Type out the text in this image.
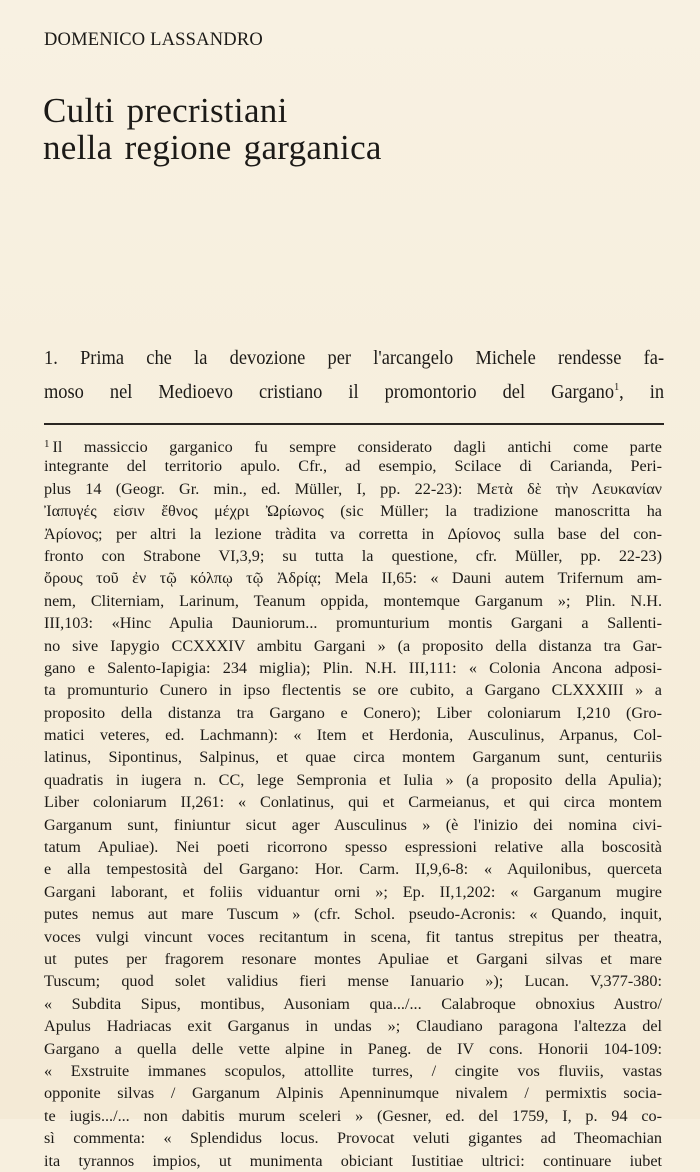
DOMENICO LASSANDRO
Culti precristiani
nella regione garganica
1. Prima che la devozione per l'arcangelo Michele rendesse fa-
moso nel Medioevo cristiano il promontorio del Gargano$^1$, in
$^1$ Il massiccio garganico fu sempre considerato dagli antichi come parte
integrante del territorio apulo. Cfr., ad esempio, Scilace di Carianda, Peri-
plus 14 (Geogr. Gr. min., ed. Müller, I, pp. 22-23): Μετὰ δὲ τὴν Λευκανίαν
Ἰαπυγές εἰσιν ἔθνος μέχρι Ὠρίωνος (sic Müller; la tradizione manoscritta ha
Ἀρίονος; per altri la lezione tràdita va corretta in Δρίονος sulla base del con-
fronto con Strabone VI,3,9; su tutta la questione, cfr. Müller, pp. 22-23)
ὄρους τοῦ ἐν τῷ κόλπῳ τῷ Ἀδρίᾳ; Mela II,65: « Dauni autem Trifernum am-
nem, Cliterniam, Larinum, Teanum oppida, montemque Garganum »; Plin. N.H.
III,103: «Hinc Apulia Dauniorum... promunturium montis Gargani a Sallenti-
no sive Iapygio CCXXXIV ambitu Gargani » (a proposito della distanza tra Gar-
gano e Salento-Iapigia: 234 miglia); Plin. N.H. III,111: « Colonia Ancona adposi-
ta promunturio Cunero in ipso flectentis se ore cubito, a Gargano CLXXXIII » a
proposito della distanza tra Gargano e Conero); Liber coloniarum I,210 (Gro-
matici veteres, ed. Lachmann): « Item et Herdonia, Ausculinus, Arpanus, Col-
latinus, Sipontinus, Salpinus, et quae circa montem Garganum sunt, centuriis
quadratis in iugera n. CC, lege Sempronia et Iulia » (a proposito della Apulia);
Liber coloniarum II,261: « Conlatinus, qui et Carmeianus, et qui circa montem
Garganum sunt, finiuntur sicut ager Ausculinus » (è l'inizio dei nomina civi-
tatum Apuliae). Nei poeti ricorrono spesso espressioni relative alla boscosità
e alla tempestosità del Gargano: Hor. Carm. II,9,6-8: « Aquilonibus, querceta
Gargani laborant, et foliis viduantur orni »; Ep. II,1,202: « Garganum mugire
putes nemus aut mare Tuscum » (cfr. Schol. pseudo-Acronis: « Quando, inquit,
voces vulgi vincunt voces recitantum in scena, fit tantus strepitus per theatra,
ut putes per fragorem resonare montes Apuliae et Gargani silvas et mare
Tuscum; quod solet validius fieri mense Ianuario »); Lucan. V,377-380:
« Subdita Sipus, montibus, Ausoniam qua.../... Calabroque obnoxius Austro/
Apulus Hadriacas exit Garganus in undas »; Claudiano paragona l'altezza del
Gargano a quella delle vette alpine in Paneg. de IV cons. Honorii 104-109:
« Exstruite immanes scopulos, attollite turres, / cingite vos fluviis, vastas
opponite silvas / Garganum Alpinis Apenninumque nivalem / permixtis socia-
te iugis.../... non dabitis murum sceleri » (Gesner, ed. del 1759, I, p. 94 co-
sì commenta: « Splendidus locus. Provocat veluti gigantes ad Theomachian
ita tyrannos impios, ut munimenta obiciant Iustitiae ultrici: continuare iubet
